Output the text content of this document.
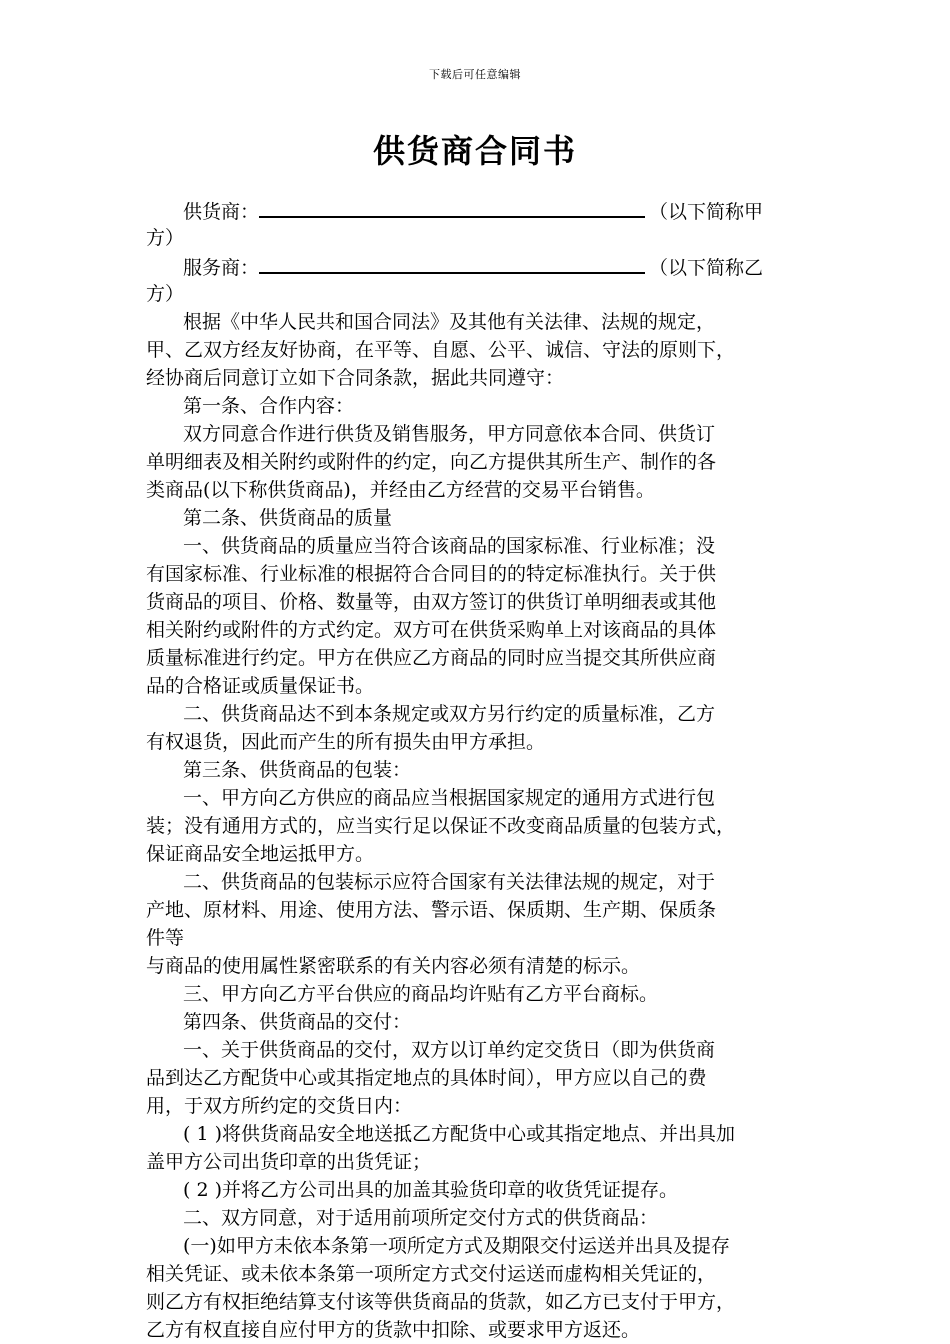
下载后可任意编辑
供货商合同书
供货商：	（以下简称甲
方）
服务商：	（以下简称乙
方）
根据《中华人民共和国合同法》及其他有关法律、法规的规定，
甲、乙双方经友好协商，在平等、自愿、公平、诚信、守法的原则下，
经协商后同意订立如下合同条款，据此共同遵守：
第一条、合作内容：
双方同意合作进行供货及销售服务，甲方同意依本合同、供货订
单明细表及相关附约或附件的约定，向乙方提供其所生产、制作的各
类商品(以下称供货商品)，并经由乙方经营的交易平台销售。
第二条、供货商品的质量
一、供货商品的质量应当符合该商品的国家标准、行业标准；没
有国家标准、行业标准的根据符合合同目的的特定标准执行。关于供
货商品的项目、价格、数量等，由双方签订的供货订单明细表或其他
相关附约或附件的方式约定。双方可在供货采购单上对该商品的具体
质量标准进行约定。甲方在供应乙方商品的同时应当提交其所供应商
品的合格证或质量保证书。
二、供货商品达不到本条规定或双方另行约定的质量标准，乙方
有权退货，因此而产生的所有损失由甲方承担。
第三条、供货商品的包装：
一、甲方向乙方供应的商品应当根据国家规定的通用方式进行包
装；没有通用方式的，应当实行足以保证不改变商品质量的包装方式，
保证商品安全地运抵甲方。
二、供货商品的包装标示应符合国家有关法律法规的规定，对于
产地、原材料、用途、使用方法、警示语、保质期、生产期、保质条
件等
与商品的使用属性紧密联系的有关内容必须有清楚的标示。
三、甲方向乙方平台供应的商品均许贴有乙方平台商标。
第四条、供货商品的交付：
一、关于供货商品的交付，双方以订单约定交货日（即为供货商
品到达乙方配货中心或其指定地点的具体时间），甲方应以自己的费
用，于双方所约定的交货日内：
( 1 )将供货商品安全地送抵乙方配货中心或其指定地点、并出具加
盖甲方公司出货印章的出货凭证；
( 2 )并将乙方公司出具的加盖其验货印章的收货凭证提存。
二、双方同意，对于适用前项所定交付方式的供货商品：
(一)如甲方未依本条第一项所定方式及期限交付运送并出具及提存
相关凭证、或未依本条第一项所定方式交付运送而虚构相关凭证的，
则乙方有权拒绝结算支付该等供货商品的货款，如乙方已支付于甲方，
乙方有权直接自应付甲方的货款中扣除、或要求甲方返还。
